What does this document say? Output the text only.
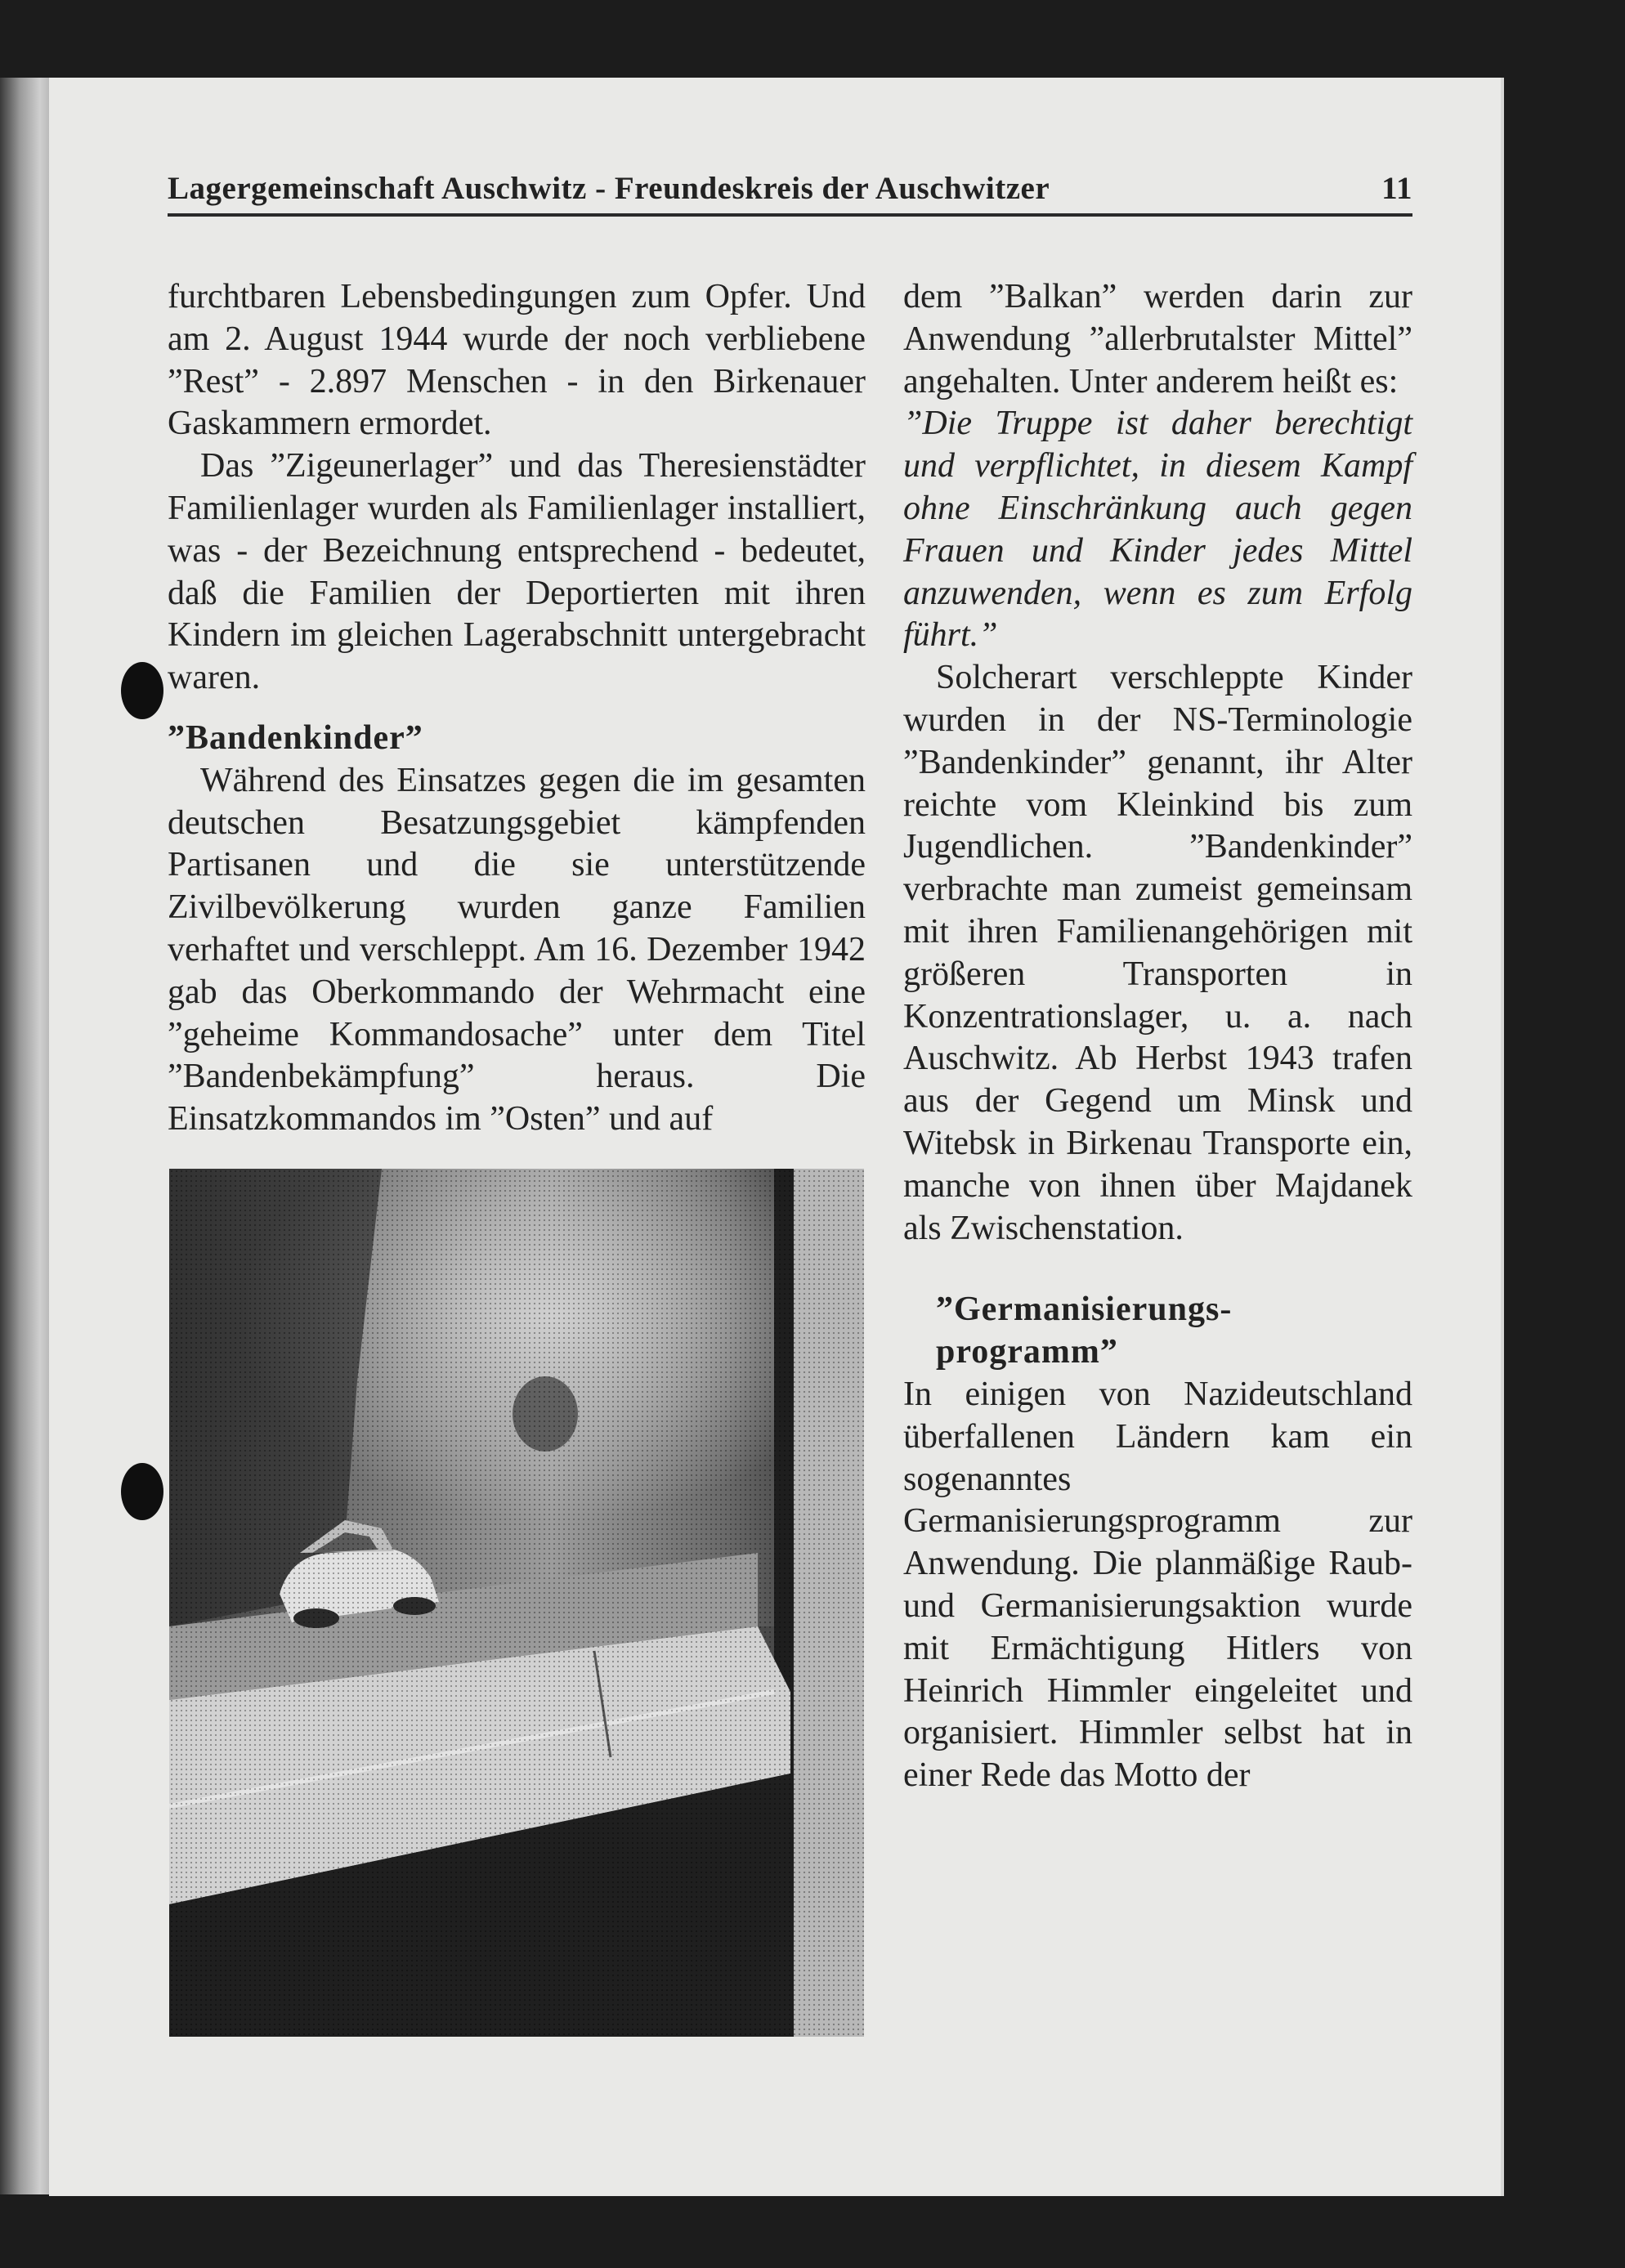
Lagergemeinschaft Auschwitz - Freundeskreis der Auschwitzer	11

furchtbaren Lebensbedingungen zum Opfer. Und am 2. August 1944 wurde der noch verbliebene ”Rest” - 2.897 Menschen - in den Birkenauer Gaskammern ermordet.

Das ”Zigeunerlager” und das Theresienstädter Familienlager wurden als Familienlager installiert, was - der Bezeichnung entsprechend - bedeutet, daß die Familien der Deportierten mit ihren Kindern im gleichen Lagerabschnitt untergebracht waren.

”Bandenkinder”

Während des Einsatzes gegen die im gesamten deutschen Besatzungsgebiet kämpfenden Partisanen und die sie unterstützende Zivilbevölkerung wurden ganze Familien verhaftet und verschleppt. Am 16. Dezember 1942 gab das Oberkommando der Wehrmacht eine ”geheime Kommandosache” unter dem Titel ”Bandenbekämpfung” heraus. Die Einsatzkommandos im ”Osten” und auf

dem ”Balkan” werden darin zur Anwendung ”allerbrutalster Mittel” angehalten. Unter anderem heißt es:

”Die Truppe ist daher berechtigt und verpflichtet, in diesem Kampf ohne Einschränkung auch gegen Frauen und Kinder jedes Mittel anzuwenden, wenn es zum Erfolg führt.”

Solcherart verschleppte Kinder wurden in der NS-Terminologie ”Bandenkinder” genannt, ihr Alter reichte vom Kleinkind bis zum Jugendlichen. ”Bandenkinder” verbrachte man zumeist gemeinsam mit ihren Familienangehörigen mit größeren Transporten in Konzentrationslager, u. a. nach Auschwitz. Ab Herbst 1943 trafen aus der Gegend um Minsk und Witebsk in Birkenau Transporte ein, manche von ihnen über Majdanek als Zwischenstation.

”Germanisierungs-programm”

In einigen von Nazideutschland überfallenen Ländern kam ein sogenanntes Germanisierungsprogramm zur Anwendung. Die planmäßige Raub- und Germanisierungsaktion wurde mit Ermächtigung Hitlers von Heinrich Himmler eingeleitet und organisiert. Himmler selbst hat in einer Rede das Motto der
